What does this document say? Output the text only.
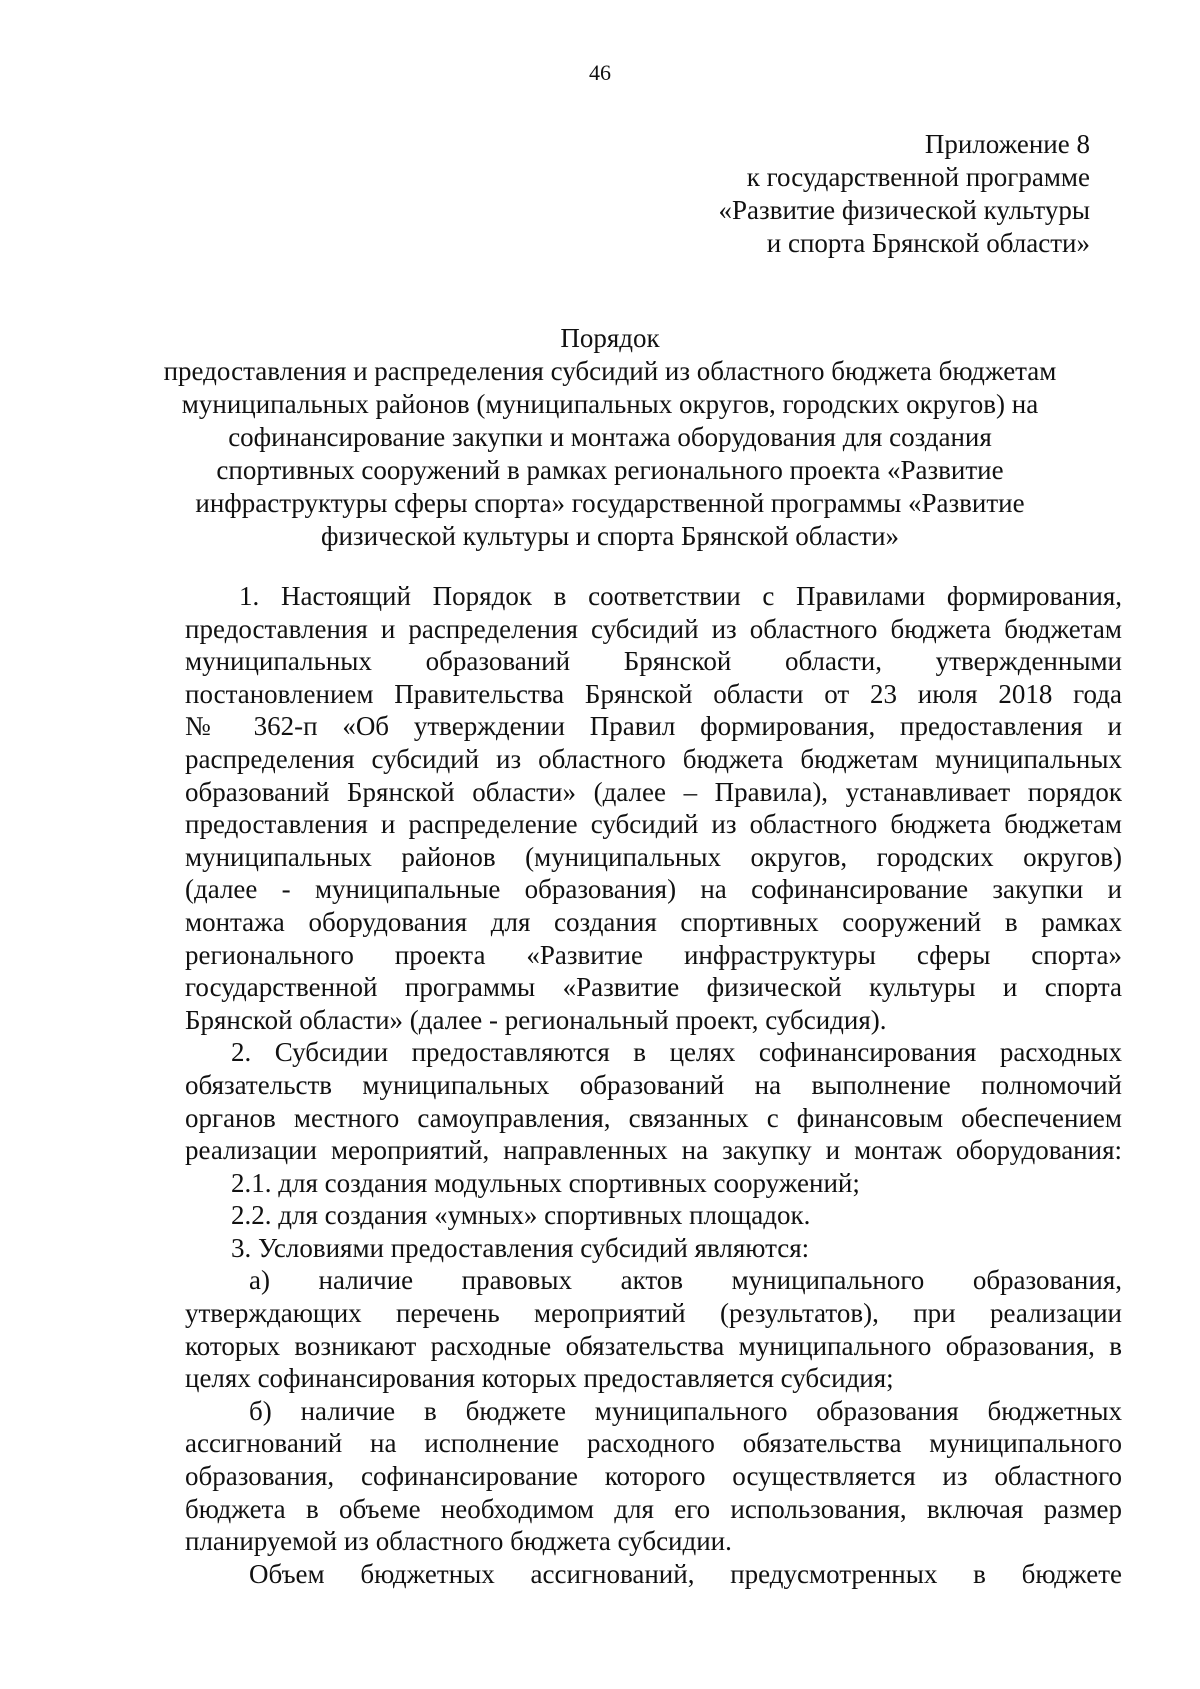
46
Приложение 8
к государственной программе
«Развитие физической культуры
и спорта Брянской области»
Порядок
предоставления и распределения субсидий из областного бюджета бюджетам
муниципальных районов (муниципальных округов, городских округов) на
софинансирование закупки и монтажа оборудования для создания
спортивных сооружений в рамках регионального проекта «Развитие
инфраструктуры сферы спорта» государственной программы «Развитие
физической культуры и спорта Брянской области»
1. Настоящий Порядок в соответствии с Правилами формирования,
предоставления и распределения субсидий из областного бюджета бюджетам
муниципальных образований Брянской области, утвержденными
постановлением Правительства Брянской области от 23 июля 2018 года
№ 362-п «Об утверждении Правил формирования, предоставления и
распределения субсидий из областного бюджета бюджетам муниципальных
образований Брянской области» (далее – Правила), устанавливает порядок
предоставления и распределение субсидий из областного бюджета бюджетам
муниципальных районов (муниципальных округов, городских округов)
(далее - муниципальные образования) на софинансирование закупки и
монтажа оборудования для создания спортивных сооружений в рамках
регионального проекта «Развитие инфраструктуры сферы спорта»
государственной программы «Развитие физической культуры и спорта
Брянской области» (далее - региональный проект, субсидия).
2. Субсидии предоставляются в целях софинансирования расходных
обязательств муниципальных образований на выполнение полномочий
органов местного самоуправления, связанных с финансовым обеспечением
реализации мероприятий, направленных на закупку и монтаж оборудования:
2.1. для создания модульных спортивных сооружений;
2.2. для создания «умных» спортивных площадок.
3. Условиями предоставления субсидий являются:
а) наличие правовых актов муниципального образования,
утверждающих перечень мероприятий (результатов), при реализации
которых возникают расходные обязательства муниципального образования, в
целях софинансирования которых предоставляется субсидия;
б) наличие в бюджете муниципального образования бюджетных
ассигнований на исполнение расходного обязательства муниципального
образования, софинансирование которого осуществляется из областного
бюджета в объеме необходимом для его использования, включая размер
планируемой из областного бюджета субсидии.
Объем бюджетных ассигнований, предусмотренных в бюджете
